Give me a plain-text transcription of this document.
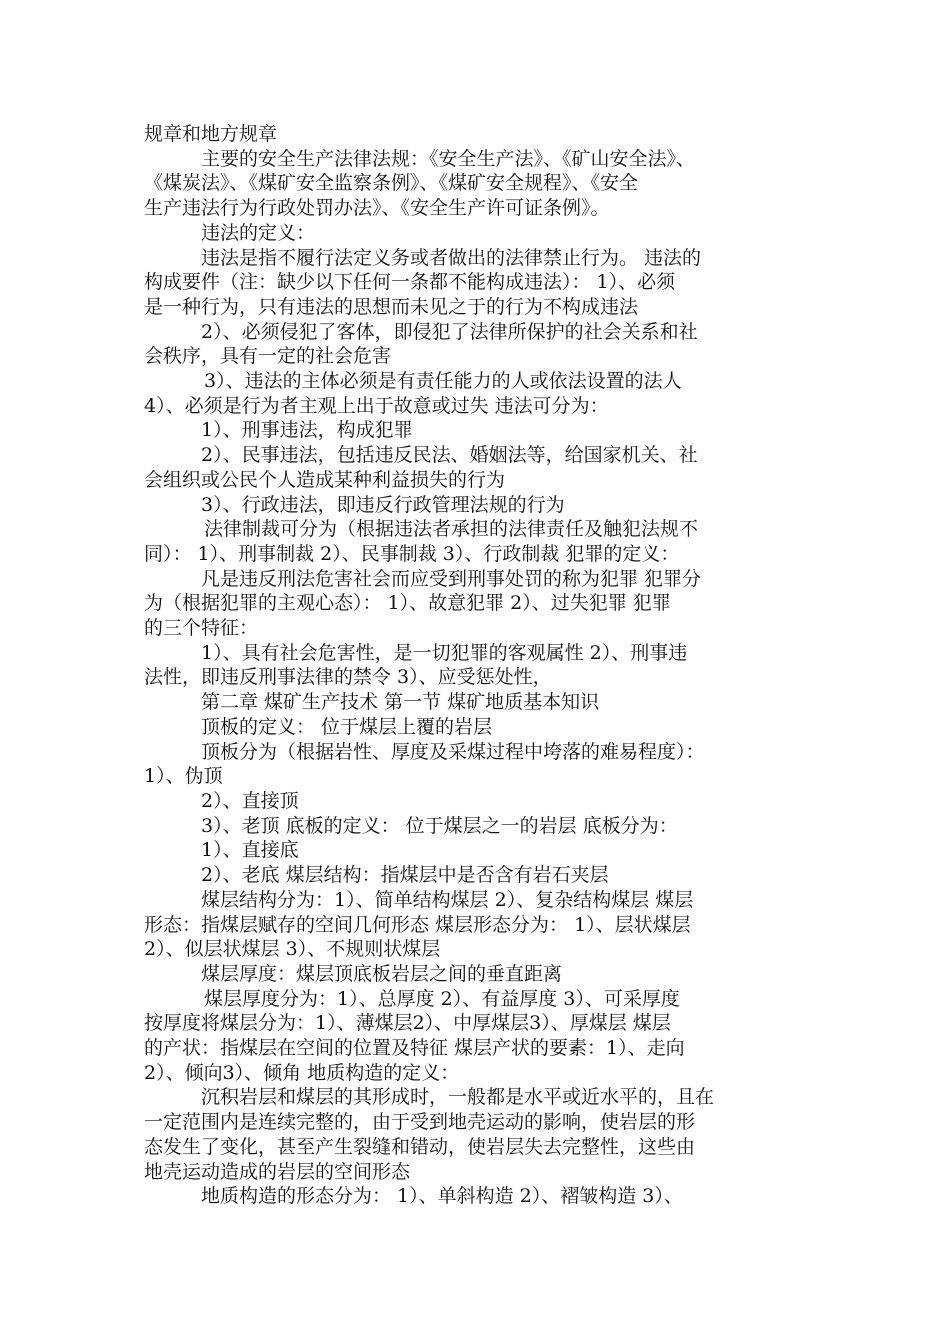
规章和地方规章

主要的安全生产法律法规：《安全生产法》、《矿山安全法》、

《煤炭法》、《煤矿安全监察条例》、《煤矿安全规程》、《安全

生产违法行为行政处罚办法》、《安全生产许可证条例》。

违法的定义：

违法是指不履行法定义务或者做出的法律禁止行为。 违法的

构成要件（注：缺少以下任何一条都不能构成违法）： 1）、必须

是一种行为，只有违法的思想而未见之于的行为不构成违法

2）、必须侵犯了客体，即侵犯了法律所保护的社会关系和社

会秩序，具有一定的社会危害

3）、违法的主体必须是有责任能力的人或依法设置的法人

4）、必须是行为者主观上出于故意或过失 违法可分为：

1）、刑事违法，构成犯罪

2）、民事违法，包括违反民法、婚姻法等，给国家机关、社

会组织或公民个人造成某种利益损失的行为

3）、行政违法，即违反行政管理法规的行为

法律制裁可分为（根据违法者承担的法律责任及触犯法规不

同）： 1）、刑事制裁 2）、民事制裁 3）、行政制裁 犯罪的定义：

凡是违反刑法危害社会而应受到刑事处罚的称为犯罪 犯罪分

为（根据犯罪的主观心态）： 1）、故意犯罪 2）、过失犯罪 犯罪

的三个特征：

1）、具有社会危害性，是一切犯罪的客观属性 2）、刑事违

法性，即违反刑事法律的禁令 3）、应受惩处性，

第二章 煤矿生产技术 第一节 煤矿地质基本知识

顶板的定义： 位于煤层上覆的岩层

顶板分为（根据岩性、厚度及采煤过程中垮落的难易程度）：

1）、伪顶

2）、直接顶

3）、老顶 底板的定义： 位于煤层之一的岩层 底板分为：

1）、直接底

2）、老底 煤层结构：指煤层中是否含有岩石夹层

煤层结构分为：1）、简单结构煤层 2）、复杂结构煤层 煤层

形态：指煤层赋存的空间几何形态 煤层形态分为： 1）、层状煤层

2）、似层状煤层 3）、不规则状煤层

煤层厚度：煤层顶底板岩层之间的垂直距离

煤层厚度分为：1）、总厚度 2）、有益厚度 3）、可采厚度

按厚度将煤层分为：1）、薄煤层2）、中厚煤层3）、厚煤层 煤层

的产状：指煤层在空间的位置及特征 煤层产状的要素：1）、走向

2）、倾向3）、倾角 地质构造的定义：

沉积岩层和煤层的其形成时，一般都是水平或近水平的，且在

一定范围内是连续完整的，由于受到地壳运动的影响，使岩层的形

态发生了变化，甚至产生裂缝和错动，使岩层失去完整性，这些由

地壳运动造成的岩层的空间形态

地质构造的形态分为： 1）、单斜构造 2）、褶皱构造 3）、
